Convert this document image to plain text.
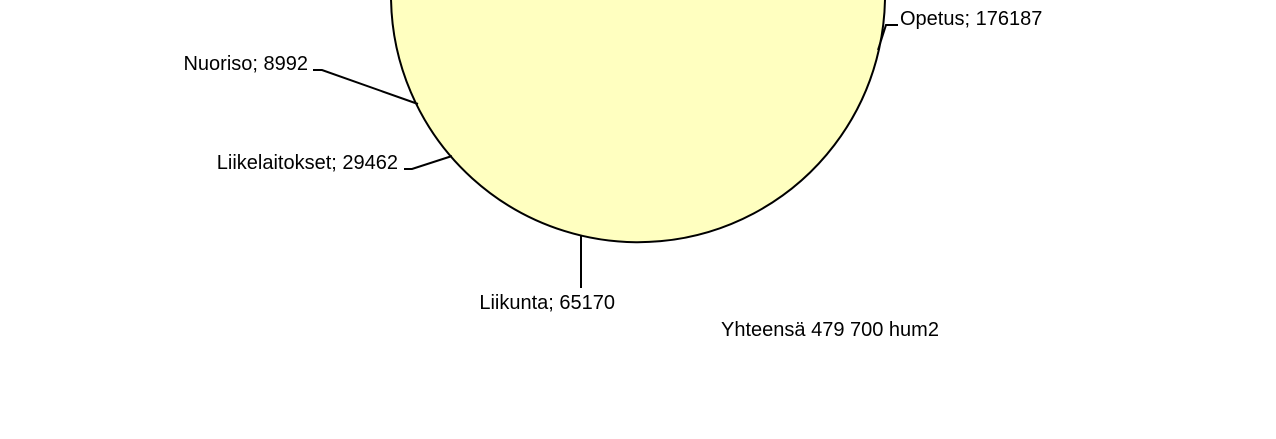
Opetus; 176187
Liikunta; 65170
Liikelaitokset; 29462
Nuoriso; 8992
Yhteensä 479 700 hum2
